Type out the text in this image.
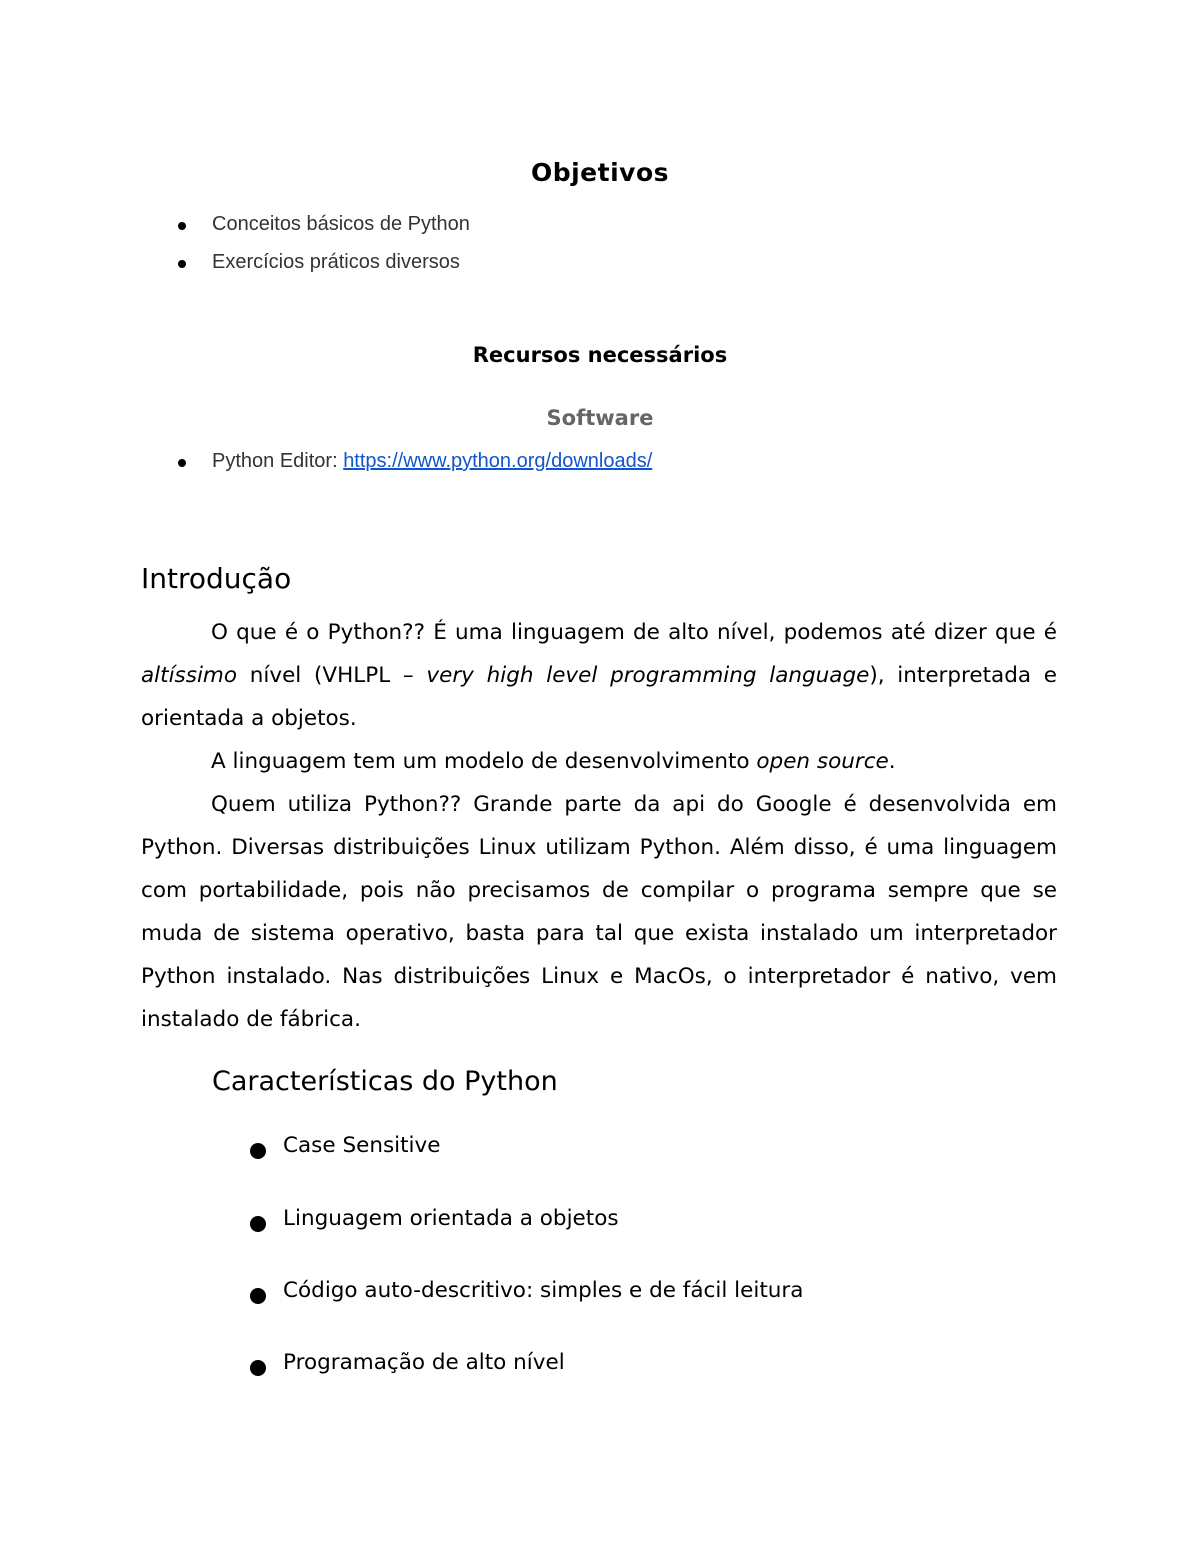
Objetivos
Conceitos básicos de Python
Exercícios práticos diversos
Recursos necessários
Software
Python Editor: https://www.python.org/downloads/
Introdução

O que é o Python?? É uma linguagem de alto nível, podemos até dizer que é altíssimo nível (VHLPL – very high level programming language), interpretada e orientada a objetos.

A linguagem tem um modelo de desenvolvimento open source.

Quem utiliza Python?? Grande parte da api do Google é desenvolvida em Python. Diversas distribuições Linux utilizam Python. Além disso, é uma linguagem com portabilidade, pois não precisamos de compilar o programa sempre que se muda de sistema operativo, basta para tal que exista instalado um interpretador Python instalado. Nas distribuições Linux e MacOs, o interpretador é nativo, vem instalado de fábrica.

Características do Python
Case Sensitive
Linguagem orientada a objetos
Código auto-descritivo: simples e de fácil leitura
Programação de alto nível
